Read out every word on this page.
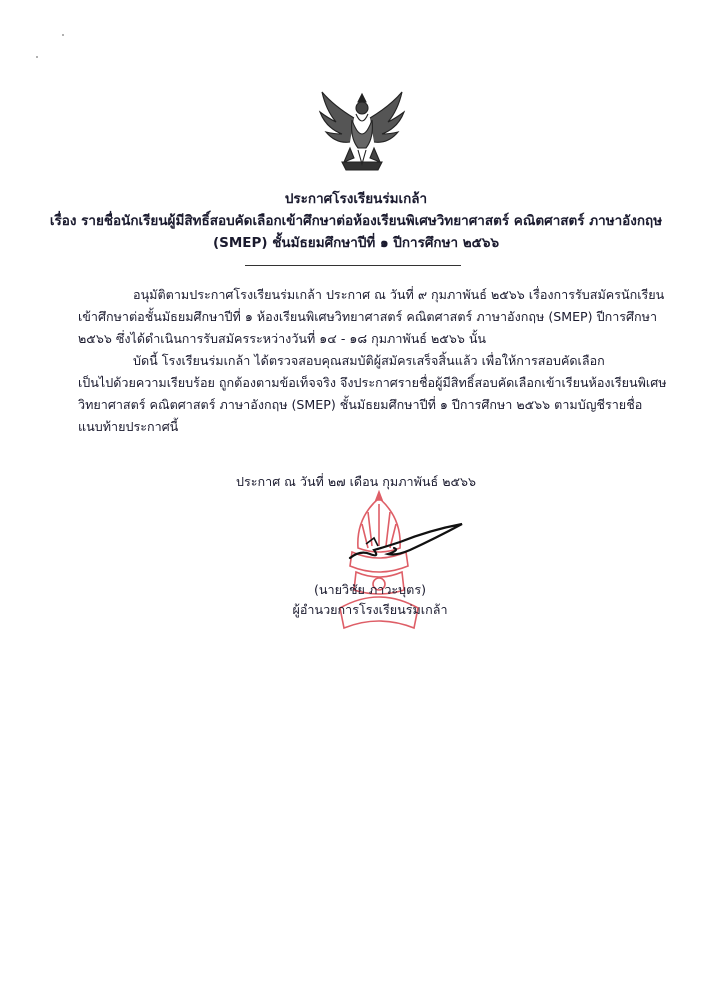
ประกาศโรงเรียนร่มเกล้า
เรื่อง รายชื่อนักเรียนผู้มีสิทธิ์สอบคัดเลือกเข้าศึกษาต่อห้องเรียนพิเศษวิทยาศาสตร์ คณิตศาสตร์ ภาษาอังกฤษ
(SMEP) ชั้นมัธยมศึกษาปีที่ ๑ ปีการศึกษา ๒๕๖๖
อนุมัติตามประกาศโรงเรียนร่มเกล้า ประกาศ ณ วันที่ ๙ กุมภาพันธ์ ๒๕๖๖ เรื่องการรับสมัครนักเรียน
เข้าศึกษาต่อชั้นมัธยมศึกษาปีที่ ๑ ห้องเรียนพิเศษวิทยาศาสตร์ คณิตศาสตร์ ภาษาอังกฤษ (SMEP) ปีการศึกษา
๒๕๖๖ ซึ่งได้ดำเนินการรับสมัครระหว่างวันที่ ๑๔ - ๑๘ กุมภาพันธ์ ๒๕๖๖ นั้น
บัดนี้ โรงเรียนร่มเกล้า ได้ตรวจสอบคุณสมบัติผู้สมัครเสร็จสิ้นแล้ว เพื่อให้การสอบคัดเลือก
เป็นไปด้วยความเรียบร้อย ถูกต้องตามข้อเท็จจริง จึงประกาศรายชื่อผู้มีสิทธิ์สอบคัดเลือกเข้าเรียนห้องเรียนพิเศษ
วิทยาศาสตร์ คณิตศาสตร์ ภาษาอังกฤษ (SMEP) ชั้นมัธยมศึกษาปีที่ ๑ ปีการศึกษา ๒๕๖๖ ตามบัญชีรายชื่อ
แนบท้ายประกาศนี้
ประกาศ ณ วันที่ ๒๗ เดือน กุมภาพันธ์ ๒๕๖๖
(นายวิชัย ภาวะบุตร)
ผู้อำนวยการโรงเรียนร่มเกล้า
